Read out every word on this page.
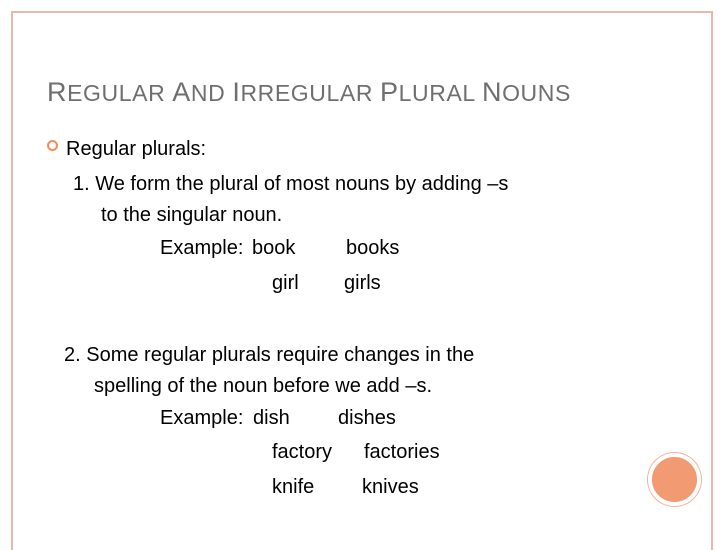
REGULAR AND IRREGULAR PLURAL NOUNS
Regular plurals:
1. We form the plural of most nouns by adding –s
to the singular noun.
Example: book	books
girl girls
2. Some regular plurals require changes in the
spelling of the noun before we add –s.
Example: dish dishes
factory factories
knife knives
